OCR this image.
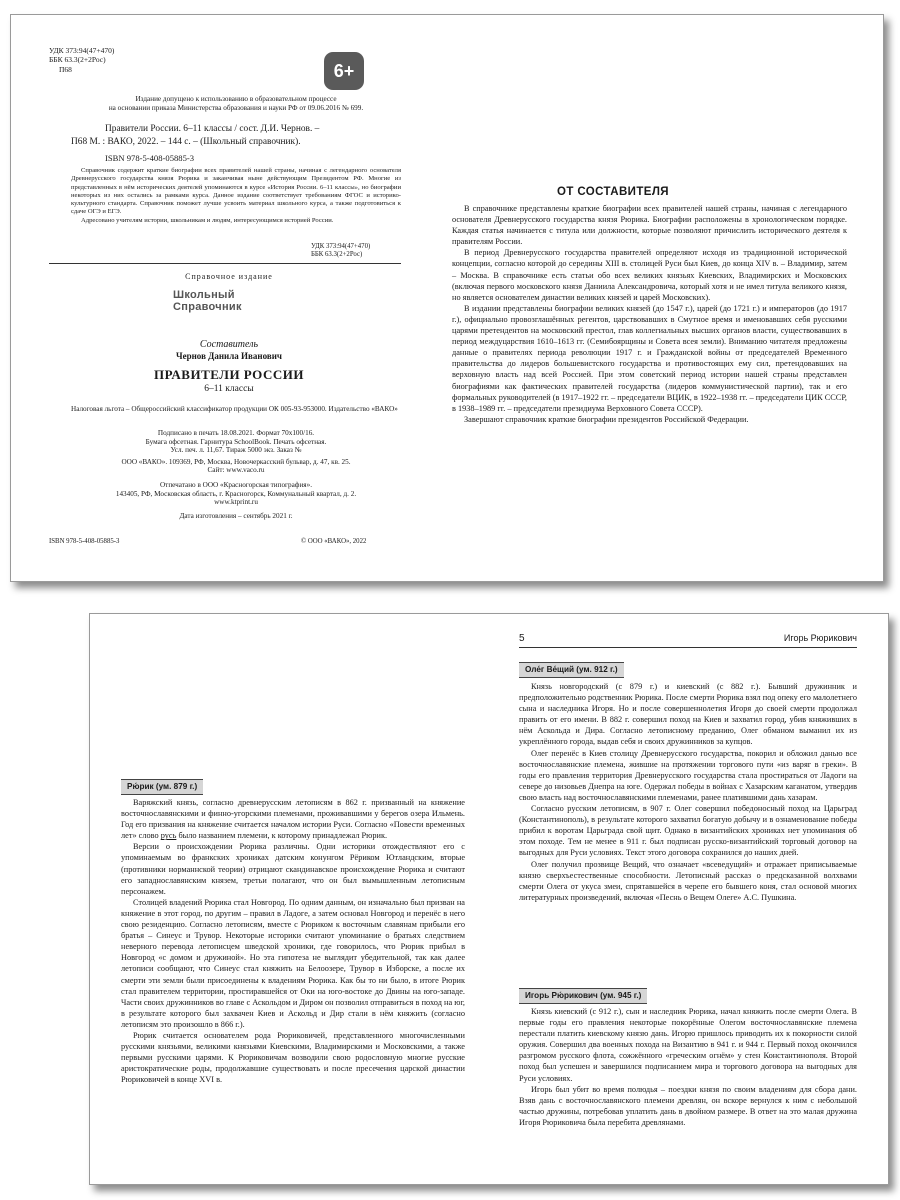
УДК 373:94(47+470)
ББК 63.3(2+2Рос)
П68	6+
Издание допущено к использованию в образовательном процессе
на основании приказа Министерства образования и науки РФ от 09.06.2016 № 699.
Правители России. 6–11 классы / сост. Д.И. Чернов. –
П68 М. : ВАКО, 2022. – 144 с. – (Школьный справочник).
ISBN 978-5-408-05885-3
Справочник содержит краткие биографии всех правителей нашей страны, начиная с легендарного основателя Древнерусского государства князя Рюрика и заканчивая ныне действующим Президентом РФ. Многие из представленных в нём исторических деятелей упоминаются в курсе «История России. 6–11 классы», но биографии некоторых из них остались за рамками курса. Данное издание соответствует требованиям ФГОС и историко-культурного стандарта. Справочник поможет лучше усвоить материал школьного курса, а также подготовиться к сдаче ОГЭ и ЕГЭ.
Адресовано учителям истории, школьникам и людям, интересующимся историей России.
УДК 373:94(47+470)
ББК 63.3(2+2Рос)
Справочное издание
Школьный
Справочник
Составитель
Чернов Данила Иванович
ПРАВИТЕЛИ РОССИИ
6–11 классы
Налоговая льгота – Общероссийский классификатор продукции ОК 005-93-953000. Издательство «ВАКО»
Подписано в печать 18.08.2021. Формат 70x100/16.
Бумага офсетная. Гарнитура SchoolBook. Печать офсетная.
Усл. печ. л. 11,67. Тираж 5000 экз. Заказ №
ООО «ВАКО». 109369, РФ, Москва, Новочеркасский бульвар, д. 47, кв. 25.
Сайт: www.vaco.ru
Отпечатано в ООО «Красногорская типография».
143405, РФ, Московская область, г. Красногорск, Коммунальный квартал, д. 2.
www.ktprint.ru
Дата изготовления – сентябрь 2021 г.
ISBN 978-5-408-05885-3	© ООО «ВАКО», 2022
ОТ СОСТАВИТЕЛЯ

В справочнике представлены краткие биографии всех правителей нашей страны, начиная с легендарного основателя Древнерусского государства князя Рюрика. Биографии расположены в хронологическом порядке. Каждая статья начинается с титула или должности, которые позволяют причислить исторического деятеля к правителям России.

В период Древнерусского государства правителей определяют исходя из традиционной исторической концепции, согласно которой до середины XIII в. столицей Руси был Киев, до конца XIV в. – Владимир, затем – Москва. В справочнике есть статьи обо всех великих князьях Киевских, Владимирских и Московских (включая первого московского князя Даниила Александровича, который хотя и не имел титула великого князя, но является основателем династии великих князей и царей Московских).

В издании представлены биографии великих князей (до 1547 г.), царей (до 1721 г.) и императоров (до 1917 г.), официально провозглашённых регентов, царствовавших в Смутное время и именовавших себя русскими царями претендентов на московский престол, глав коллегиальных высших органов власти, существовавших в период междуцарствия 1610–1613 гг. (Семибоярщины и Совета всея земли). Вниманию читателя предложены данные о правителях периода революции 1917 г. и Гражданской войны от председателей Временного правительства до лидеров большевистского государства и противостоящих ему сил, претендовавших на верховную власть над всей Россией. При этом советский период истории нашей страны представлен биографиями как фактических правителей государства (лидеров коммунистической партии), так и его формальных руководителей (в 1917–1922 гг. – председатели ВЦИК, в 1922–1938 гг. – председатели ЦИК СССР, в 1938–1989 гг. – председатели президиума Верховного Совета СССР).

Завершают справочник краткие биографии президентов Российской Федерации.

Рю́рик (ум. 879 г.)

Варяжский князь, согласно древнерусским летописям в 862 г. призванный на княжение восточнославянскими и финно-угорскими племенами, проживавшими у берегов озера Ильмень. Год его призвания на княжение считается началом истории Руси. Согласно «Повести временных лет» слово русь было названием племени, к которому принадлежал Рюрик.

Версии о происхождении Рюрика различны. Одни историки отождествляют его с упоминаемым во франкских хрониках датским конунгом Рёриком Ютландским, вторые (противники норманнской теории) отрицают скандинавское происхождение Рюрика и считают его западнославянским князем, третьи полагают, что он был вымышленным летописным персонажем.

Столицей владений Рюрика стал Новгород. По одним данным, он изначально был призван на княжение в этот город, по другим – правил в Ладоге, а затем основал Новгород и перенёс в него свою резиденцию. Согласно летописям, вместе с Рюриком к восточным славянам прибыли его братья – Синеус и Трувор. Некоторые историки считают упоминание о братьях следствием неверного перевода летописцем шведской хроники, где говорилось, что Рюрик прибыл в Новгород «с домом и дружиной». Но эта гипотеза не выглядит убедительной, так как далее летописи сообщают, что Синеус стал княжить на Белоозере, Трувор в Изборске, а после их смерти эти земли были присоединены к владениям Рюрика. Как бы то ни было, в итоге Рюрик стал правителем территории, простиравшейся от Оки на юго-востоке до Двины на юго-западе. Части своих дружинников во главе с Аскольдом и Диром он позволил отправиться в поход на юг, в результате которого был захвачен Киев и Аскольд и Дир стали в нём княжить (согласно летописям это произошло в 866 г.).

Рюрик считается основателем рода Рюриковичей, представленного многочисленными русскими князьями, великими князьями Киевскими, Владимирскими и Московскими, а также первыми русскими царями. К Рюриковичам возводили свою родословную многие русские аристократические роды, продолжавшие существовать и после пресечения царской династии Рюриковичей в конце XVI в.

5	Игорь Рюрикович
Оле́г Ве́щий (ум. 912 г.)

Князь новгородский (с 879 г.) и киевский (с 882 г.). Бывший дружинник и предположительно родственник Рюрика. После смерти Рюрика взял под опеку его малолетнего сына и наследника Игоря. Но и после совершеннолетия Игоря до своей смерти продолжал править от его имени. В 882 г. совершил поход на Киев и захватил город, убив княживших в нём Аскольда и Дира. Согласно летописному преданию, Олег обманом выманил их из укреплённого города, выдав себя и своих дружинников за купцов.

Олег перенёс в Киев столицу Древнерусского государства, покорил и обложил данью все восточнославянские племена, жившие на протяжении торгового пути «из варяг в греки». В годы его правления территория Древнерусского государства стала простираться от Ладоги на севере до низовьев Днепра на юге. Одержал победы в войнах с Хазарским каганатом, утвердив свою власть над восточнославянскими племенами, ранее платившими дань хазарам.

Согласно русским летописям, в 907 г. Олег совершил победоносный поход на Царьград (Константинополь), в результате которого захватил богатую добычу и в ознаменование победы прибил к воротам Царьграда свой щит. Однако в византийских хрониках нет упоминания об этом походе. Тем не менее в 911 г. был подписан русско-византийский торговый договор на выгодных для Руси условиях. Текст этого договора сохранился до наших дней.

Олег получил прозвище Вещий, что означает «всеведущий» и отражает приписываемые князю сверхъестественные способности. Летописный рассказ о предсказанной волхвами смерти Олега от укуса змеи, спрятавшейся в черепе его бывшего коня, стал основой многих литературных произведений, включая «Песнь о Вещем Олеге» А.С. Пушкина.

Игорь Рю́рикович (ум. 945 г.)

Князь киевский (с 912 г.), сын и наследник Рюрика, начал княжить после смерти Олега. В первые годы его правления некоторые покорённые Олегом восточнославянские племена перестали платить киевскому князю дань. Игорю пришлось приводить их к покорности силой оружия. Совершил два военных похода на Византию в 941 г. и 944 г. Первый поход окончился разгромом русского флота, сожжённого «греческим огнём» у стен Константинополя. Второй поход был успешен и завершился подписанием мира и торгового договора на выгодных для Руси условиях.

Игорь был убит во время полюдья – поездки князя по своим владениям для сбора дани. Взяв дань с восточнославянского племени древлян, он вскоре вернулся к ним с небольшой частью дружины, потребовав уплатить дань в двойном размере. В ответ на это малая дружина Игоря Рюриковича была перебита древлянами.
